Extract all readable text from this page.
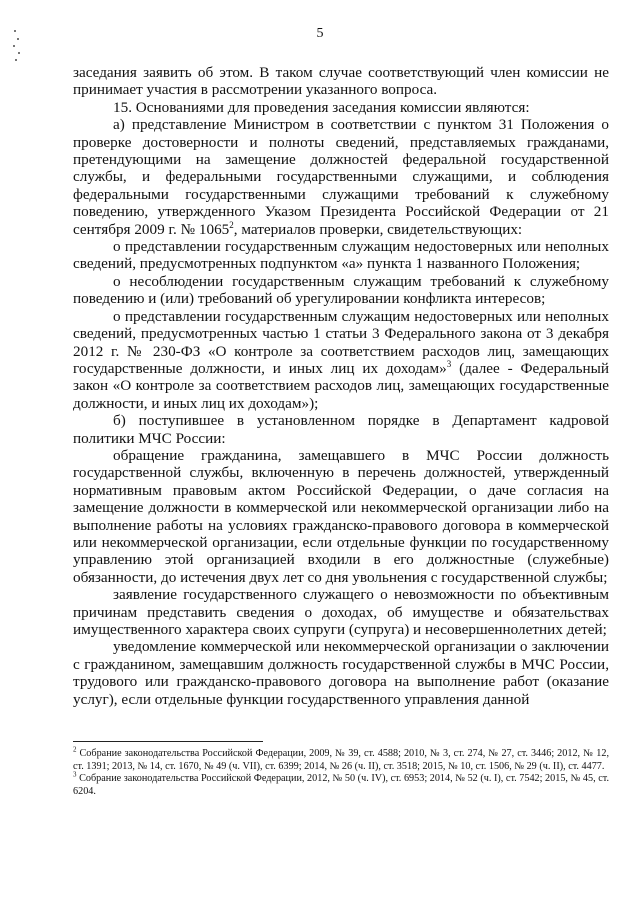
5

заседания заявить об этом. В таком случае соответствующий член комиссии не принимает участия в рассмотрении указанного вопроса.

15. Основаниями для проведения заседания комиссии являются:

а) представление Министром в соответствии с пунктом 31 Положения о проверке достоверности и полноты сведений, представляемых гражданами, претендующими на замещение должностей федеральной государственной службы, и федеральными государственными служащими, и соблюдения федеральными государственными служащими требований к служебному поведению, утвержденного Указом Президента Российской Федерации от 21 сентября 2009 г. № 1065$^2$, материалов проверки, свидетельствующих:

о представлении государственным служащим недостоверных или неполных сведений, предусмотренных подпунктом «а» пункта 1 названного Положения;

о несоблюдении государственным служащим требований к служебному поведению и (или) требований об урегулировании конфликта интересов;

о представлении государственным служащим недостоверных или неполных сведений, предусмотренных частью 1 статьи 3 Федерального закона от 3 декабря 2012 г. № 230-ФЗ «О контроле за соответствием расходов лиц, замещающих государственные должности, и иных лиц их доходам»$^3$ (далее - Федеральный закон «О контроле за соответствием расходов лиц, замещающих государственные должности, и иных лиц их доходам»);

б) поступившее в установленном порядке в Департамент кадровой политики МЧС России:

обращение гражданина, замещавшего в МЧС России должность государственной службы, включенную в перечень должностей, утвержденный нормативным правовым актом Российской Федерации, о даче согласия на замещение должности в коммерческой или некоммерческой организации либо на выполнение работы на условиях гражданско-правового договора в коммерческой или некоммерческой организации, если отдельные функции по государственному управлению этой организацией входили в его должностные (служебные) обязанности, до истечения двух лет со дня увольнения с государственной службы;

заявление государственного служащего о невозможности по объективным причинам представить сведения о доходах, об имуществе и обязательствах имущественного характера своих супруги (супруга) и несовершеннолетних детей;

уведомление коммерческой или некоммерческой организации о заключении с гражданином, замещавшим должность государственной службы в МЧС России, трудового или гражданско-правового договора на выполнение работ (оказание услуг), если отдельные функции государственного управления данной

$^2$ Собрание законодательства Российской Федерации, 2009, № 39, ст. 4588; 2010, № 3, ст. 274, № 27, ст. 3446; 2012, № 12, ст. 1391; 2013, № 14, ст. 1670, № 49 (ч. VII), ст. 6399; 2014, № 26 (ч. II), ст. 3518; 2015, № 10, ст. 1506, № 29 (ч. II), ст. 4477.

$^3$ Собрание законодательства Российской Федерации, 2012, № 50 (ч. IV), ст. 6953; 2014, № 52 (ч. I), ст. 7542; 2015, № 45, ст. 6204.
